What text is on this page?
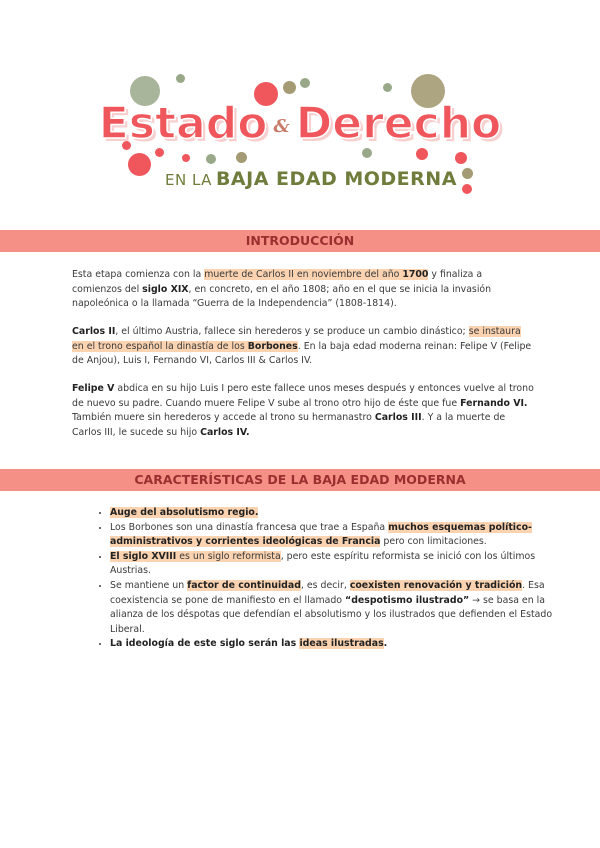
Estado & Derecho
EN LA BAJA EDAD MODERNA
INTRODUCCIÓN
Esta etapa comienza con la muerte de Carlos II en noviembre del año 1700 y finaliza a comienzos del siglo XIX, en concreto, en el año 1808; año en el que se inicia la invasión napoleónica o la llamada “Guerra de la Independencia” (1808-1814).
Carlos II, el último Austria, fallece sin herederos y se produce un cambio dinástico; se instaura en el trono español la dinastía de los Borbones. En la baja edad moderna reinan: Felipe V (Felipe de Anjou), Luis I, Fernando VI, Carlos III & Carlos IV.
Felipe V abdica en su hijo Luis I pero este fallece unos meses después y entonces vuelve al trono de nuevo su padre. Cuando muere Felipe V sube al trono otro hijo de éste que fue Fernando VI. También muere sin herederos y accede al trono su hermanastro Carlos III. Y a la muerte de Carlos III, le sucede su hijo Carlos IV.
CARACTERÍSTICAS DE LA BAJA EDAD MODERNA
• Auge del absolutismo regio.
• Los Borbones son una dinastía francesa que trae a España muchos esquemas político-administrativos y corrientes ideológicas de Francia pero con limitaciones.
• El siglo XVIII es un siglo reformista, pero este espíritu reformista se inició con los últimos Austrias.
• Se mantiene un factor de continuidad, es decir, coexisten renovación y tradición. Esa coexistencia se pone de manifiesto en el llamado “despotismo ilustrado” → se basa en la alianza de los déspotas que defendían el absolutismo y los ilustrados que defienden el Estado Liberal.
• La ideología de este siglo serán las ideas ilustradas.
